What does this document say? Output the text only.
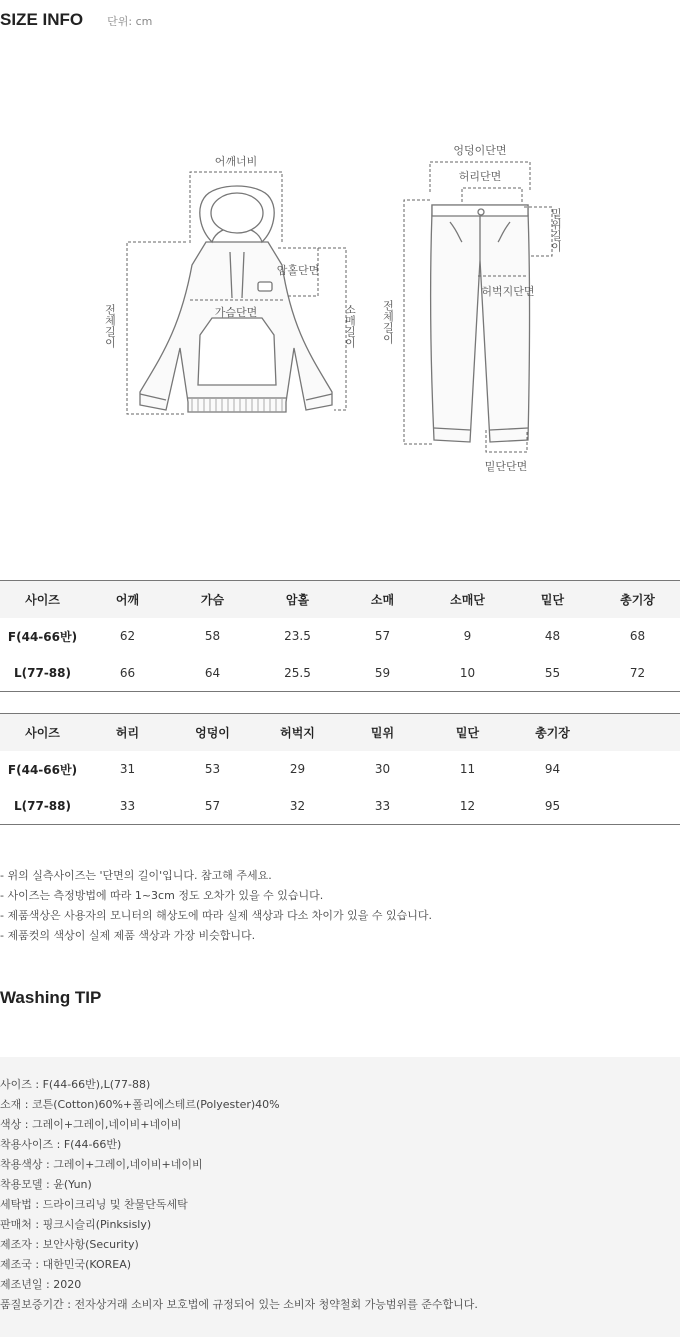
SIZE INFO 단위: cm
어깨너비
암홀단면
가슴단면
전체길이	소매길이
엉덩이단면
허리단면
밑위길이
허벅지단면
전체길이
밑단단면
사이즈	어깨	가슴	암홀	소매	소매단	밑단	총기장
F(44-66반)	62	58	23.5	57	9	48	68
L(77-88)	66	64	25.5	59	10	55	72
사이즈	허리	엉덩이	허벅지	밑위	밑단	총기장	
F(44-66반)	31	53	29	30	11	94	
L(77-88)	33	57	32	33	12	95	
- 위의 실측사이즈는 '단면의 길이'입니다. 참고해 주세요.
- 사이즈는 측정방법에 따라 1~3cm 정도 오차가 있을 수 있습니다.
- 제품색상은 사용자의 모니터의 해상도에 따라 실제 색상과 다소 차이가 있을 수 있습니다.
- 제품컷의 색상이 실제 제품 색상과 가장 비슷합니다.
Washing TIP
사이즈 : F(44-66반),L(77-88)
소재 : 코튼(Cotton)60%+폴리에스테르(Polyester)40%
색상 : 그레이+그레이,네이비+네이비
착용사이즈 : F(44-66반)
착용색상 : 그레이+그레이,네이비+네이비
착용모델 : 윤(Yun)
세탁법 : 드라이크리닝 및 찬물단독세탁
판매처 : 핑크시슬리(Pinksisly)
제조자 : 보안사항(Security)
제조국 : 대한민국(KOREA)
제조년일 : 2020
품질보증기간 : 전자상거래 소비자 보호법에 규정되어 있는 소비자 청약철회 가능범위를 준수합니다.
